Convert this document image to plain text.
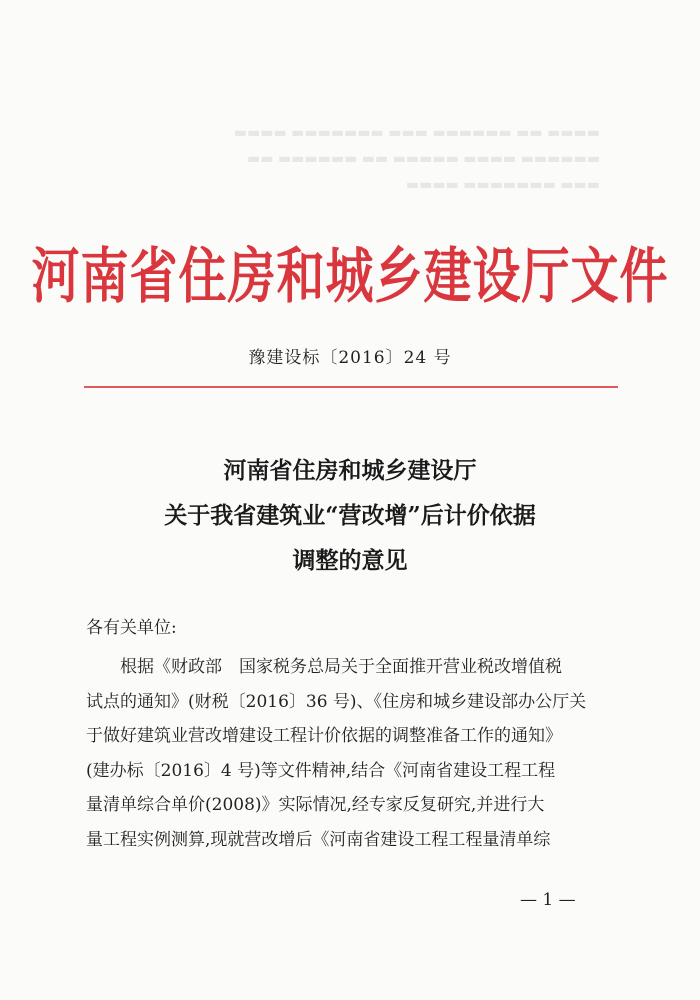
▬▬▬▬ ▬▬ ▬▬▬▬▬▬ ▬▬▬ ▬▬▬▬▬▬▬ ▬▬▬▬
▬▬▬▬▬▬ ▬▬▬▬ ▬▬▬▬▬ ▬▬ ▬▬▬▬▬▬ ▬▬
▬▬▬ ▬▬▬▬▬▬▬ ▬▬▬▬
河南省住房和城乡建设厅文件
豫建设标〔2016〕24 号
河南省住房和城乡建设厅
关于我省建筑业“营改增”后计价依据
调整的意见
各有关单位:
根据《财政部　国家税务总局关于全面推开营业税改增值税
试点的通知》(财税〔2016〕36 号)、《住房和城乡建设部办公厅关
于做好建筑业营改增建设工程计价依据的调整准备工作的通知》
(建办标〔2016〕4 号)等文件精神,结合《河南省建设工程工程
量清单综合单价(2008)》实际情况,经专家反复研究,并进行大
量工程实例测算,现就营改增后《河南省建设工程工程量清单综
— 1 —
